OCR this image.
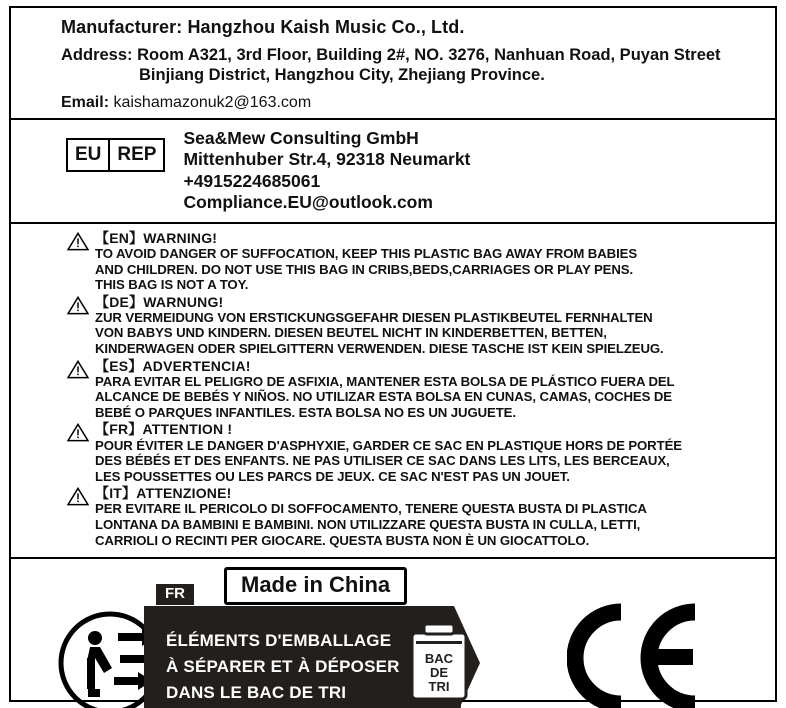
Manufacturer: Hangzhou Kaish Music Co., Ltd.
Address: Room A321, 3rd Floor, Building 2#, NO. 3276, Nanhuan Road, Puyan Street
Binjiang District, Hangzhou City, Zhejiang Province.
Email: kaishamazonuk2@163.com
EU REP
Sea&Mew Consulting GmbH
Mittenhuber Str.4, 92318 Neumarkt
+4915224685061
Compliance.EU@outlook.com
【EN】WARNING!
TO AVOID DANGER OF SUFFOCATION, KEEP THIS PLASTIC BAG AWAY FROM BABIES
AND CHILDREN. DO NOT USE THIS BAG IN CRIBS,BEDS,CARRIAGES OR PLAY PENS.
THIS BAG IS NOT A TOY.
【DE】WARNUNG!
ZUR VERMEIDUNG VON ERSTICKUNGSGEFAHR DIESEN PLASTIKBEUTEL FERNHALTEN
VON BABYS UND KINDERN. DIESEN BEUTEL NICHT IN KINDERBETTEN, BETTEN,
KINDERWAGEN ODER SPIELGITTERN VERWENDEN. DIESE TASCHE IST KEIN SPIELZEUG.
【ES】ADVERTENCIA!
PARA EVITAR EL PELIGRO DE ASFIXIA, MANTENER ESTA BOLSA DE PLÁSTICO FUERA DEL
ALCANCE DE BEBÉS Y NIÑOS. NO UTILIZAR ESTA BOLSA EN CUNAS, CAMAS, COCHES DE
BEBÉ O PARQUES INFANTILES. ESTA BOLSA NO ES UN JUGUETE.
【FR】ATTENTION !
POUR ÉVITER LE DANGER D'ASPHYXIE, GARDER CE SAC EN PLASTIQUE HORS DE PORTÉE
DES BÉBÉS ET DES ENFANTS. NE PAS UTILISER CE SAC DANS LES LITS, LES BERCEAUX,
LES POUSSETTES OU LES PARCS DE JEUX. CE SAC N'EST PAS UN JOUET.
【IT】ATTENZIONE!
PER EVITARE IL PERICOLO DI SOFFOCAMENTO, TENERE QUESTA BUSTA DI PLASTICA
LONTANA DA BAMBINI E BAMBINI. NON UTILIZZARE QUESTA BUSTA IN CULLA, LETTI,
CARRIOLI O RECINTI PER GIOCARE. QUESTA BUSTA NON È UN GIOCATTOLO.
Made in China
FR
ÉLÉMENTS D'EMBALLAGE
À SÉPARER ET À DÉPOSER
DANS LE BAC DE TRI
BAC
DE
TRI
